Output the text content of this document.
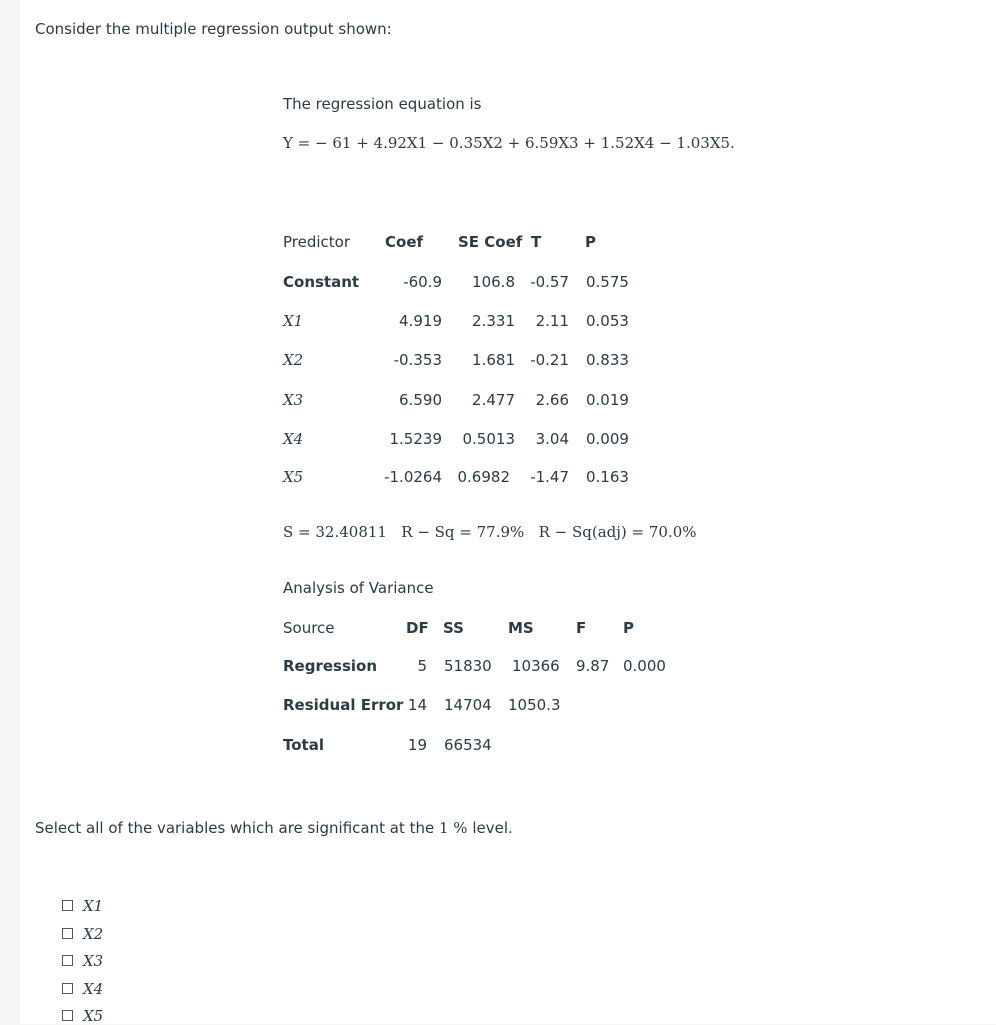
Consider the multiple regression output shown:
The regression equation is
Y = − 61 + 4.92X1 − 0.35X2 + 6.59X3 + 1.52X4 − 1.03X5.
Predictor Coef SE Coef T	P
Constant	-60.9	106.8	-0.57 0.575
X1	4.919	2.331	2.11 0.053
X2	-0.353	1.681	-0.21 0.833
X3	6.590	2.477	2.66 0.019
X4	1.5239	0.5013	3.04 0.009
X5	-1.0264	0.6982	-1.47 0.163
S = 32.40811   R − Sq = 77.9%   R − Sq(adj) = 70.0%
Analysis of Variance
Source	DF SS	MS	F P
Regression	5 51830 10366 9.87 0.000
Residual Error 14 14704 1050.3
Total	19 66534
Select all of the variables which are significant at the 1 % level.
X1
X2
X3
X4
X5
